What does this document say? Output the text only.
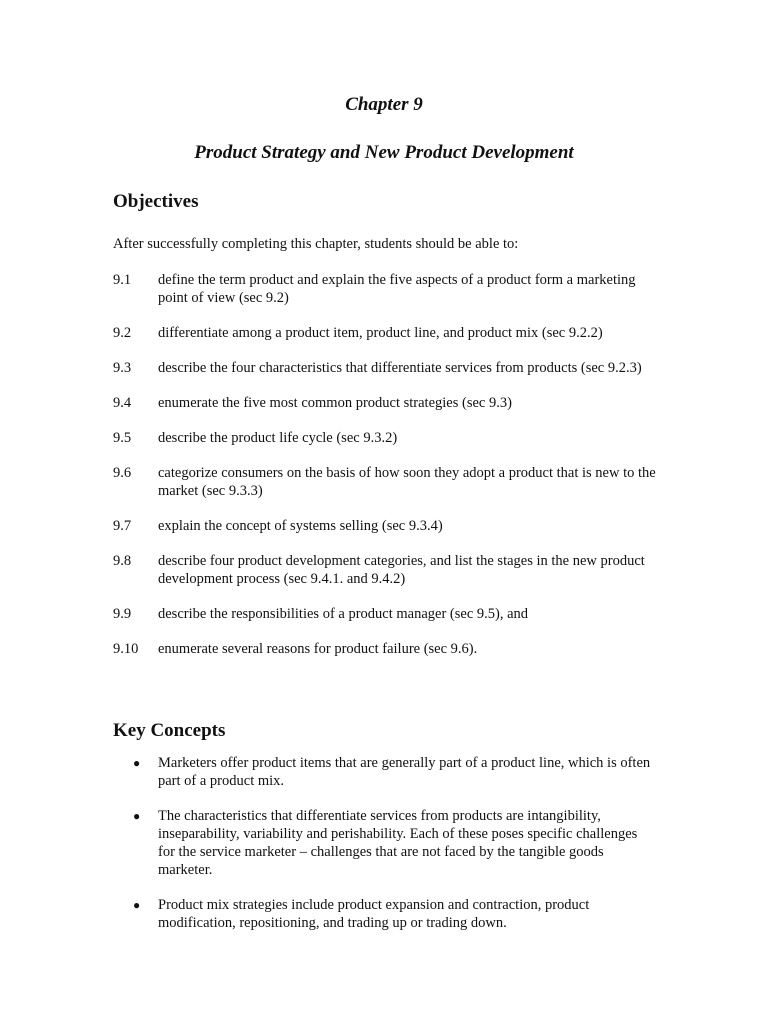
Chapter 9
Product Strategy and New Product Development
Objectives
After successfully completing this chapter, students should be able to:
9.1	define the term product and explain the five aspects of a product form a marketing point of view (sec 9.2)
9.2	differentiate among a product item, product line, and product mix (sec 9.2.2)
9.3	describe the four characteristics that differentiate services from products (sec 9.2.3)
9.4	enumerate the five most common product strategies (sec 9.3)
9.5	describe the product life cycle (sec 9.3.2)
9.6	categorize consumers on the basis of how soon they adopt a product that is new to the market (sec 9.3.3)
9.7	explain the concept of systems selling (sec 9.3.4)
9.8	describe four product development categories, and list the stages in the new product development process (sec 9.4.1. and 9.4.2)
9.9	describe the responsibilities of a product manager (sec 9.5), and
9.10	enumerate several reasons for product failure (sec 9.6).
Key Concepts
●	Marketers offer product items that are generally part of a product line, which is often part of a product mix.
●	The characteristics that differentiate services from products are intangibility, inseparability, variability and perishability. Each of these poses specific challenges for the service marketer – challenges that are not faced by the tangible goods marketer.
●	Product mix strategies include product expansion and contraction, product modification, repositioning, and trading up or trading down.
